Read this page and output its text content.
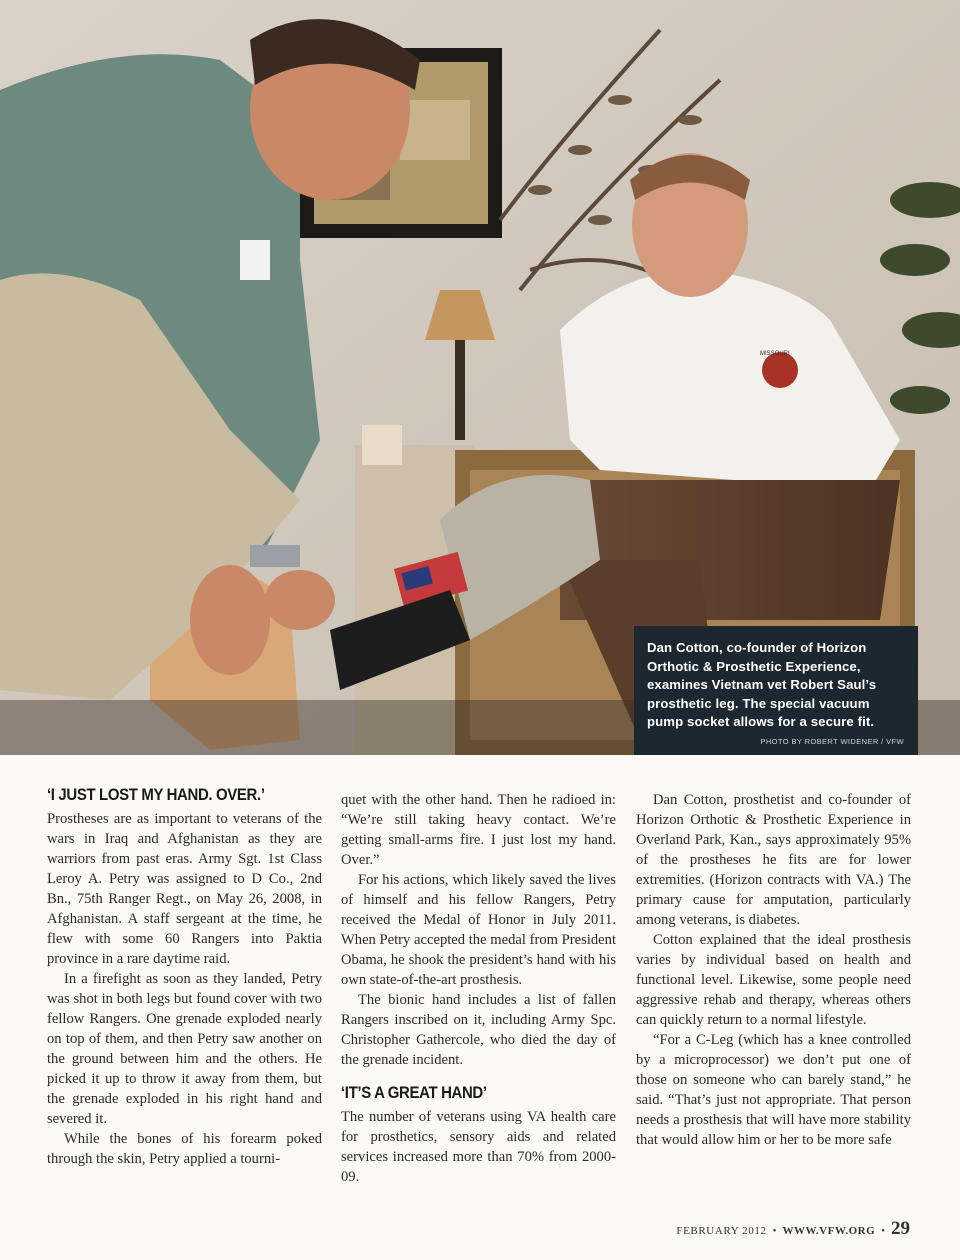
MISSOURI
Dan Cotton, co-founder of Horizon Orthotic & Prosthetic Experience, examines Vietnam vet Robert Saul’s prosthetic leg. The special vacuum pump socket allows for a secure fit.
PHOTO BY ROBERT WIDENER / VFW
‘I JUST LOST MY HAND. OVER.’

Prostheses are as important to veterans of the wars in Iraq and Afghanistan as they are warriors from past eras. Army Sgt. 1st Class Leroy A. Petry was assigned to D Co., 2nd Bn., 75th Ranger Regt., on May 26, 2008, in Afghanistan. A staff sergeant at the time, he flew with some 60 Rangers into Paktia province in a rare daytime raid.

In a firefight as soon as they landed, Petry was shot in both legs but found cover with two fellow Rangers. One grenade exploded nearly on top of them, and then Petry saw another on the ground between him and the others. He picked it up to throw it away from them, but the grenade exploded in his right hand and severed it.

While the bones of his forearm poked through the skin, Petry applied a tourni-

quet with the other hand. Then he radioed in: “We’re still taking heavy contact. We’re getting small-arms fire. I just lost my hand. Over.”

For his actions, which likely saved the lives of himself and his fellow Rangers, Petry received the Medal of Honor in July 2011. When Petry accepted the medal from President Obama, he shook the president’s hand with his own state-of-the-art prosthesis.

The bionic hand includes a list of fallen Rangers inscribed on it, including Army Spc. Christopher Gathercole, who died the day of the grenade incident.

‘IT’S A GREAT HAND’

The number of veterans using VA health care for prosthetics, sensory aids and related services increased more than 70% from 2000-09.

Dan Cotton, prosthetist and co-founder of Horizon Orthotic & Prosthetic Experience in Overland Park, Kan., says approximately 95% of the prostheses he fits are for lower extremities. (Horizon contracts with VA.) The primary cause for amputation, particularly among veterans, is diabetes.

Cotton explained that the ideal prosthesis varies by individual based on health and functional level. Likewise, some people need aggressive rehab and therapy, whereas others can quickly return to a normal lifestyle.

“For a C-Leg (which has a knee controlled by a microprocessor) we don’t put one of those on someone who can barely stand,” he said. “That’s just not appropriate. That person needs a prosthesis that will have more stability that would allow him or her to be more safe

FEBRUARY 2012 • WWW.VFW.ORG • 29
